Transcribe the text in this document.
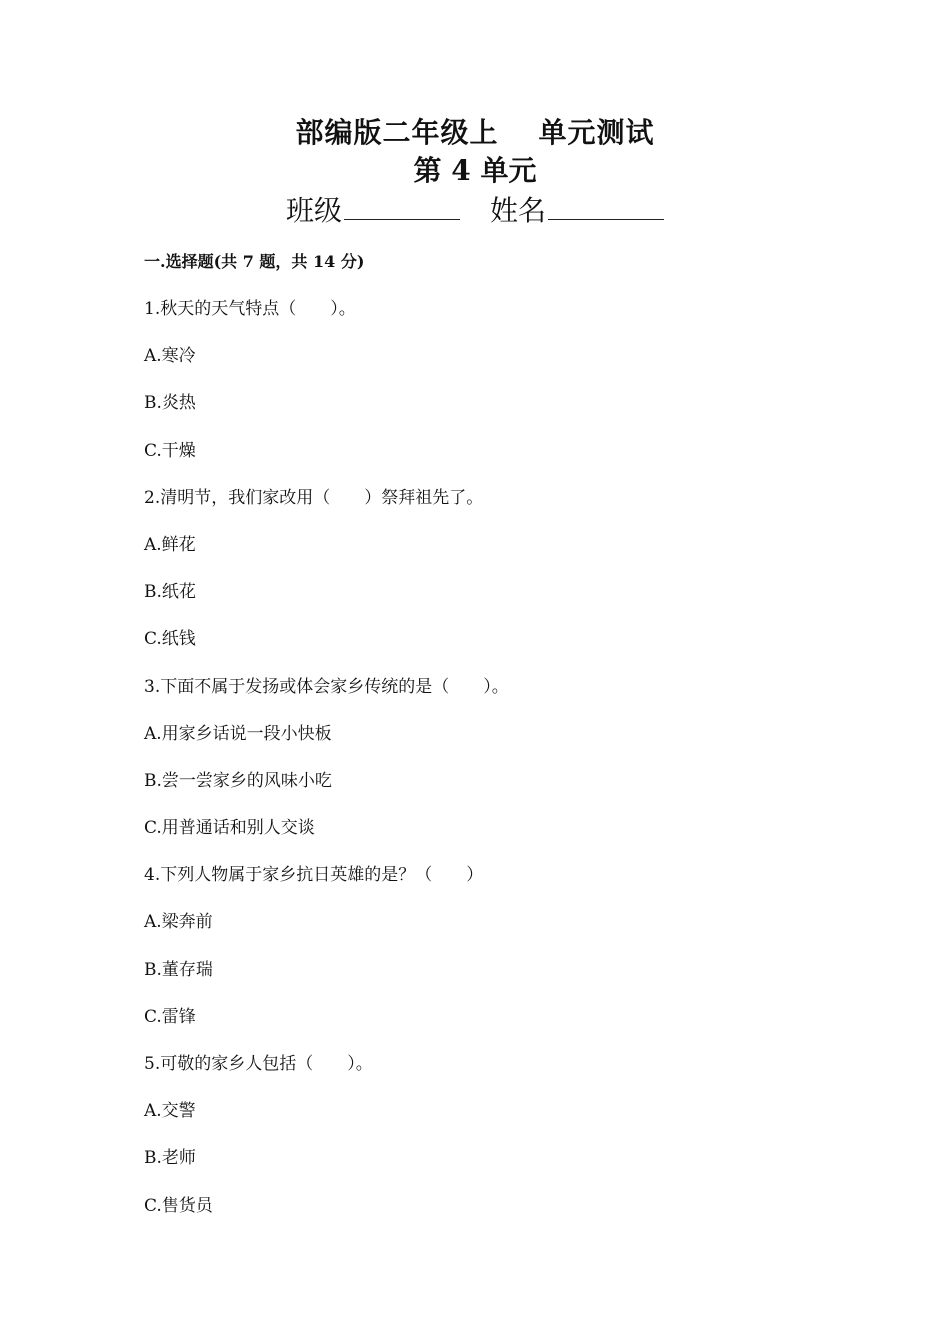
部编版二年级上 单元测试
第 4 单元
班级	姓名
一.选择题(共 7 题，共 14 分)
1.秋天的天气特点（　　）。
A.寒冷
B.炎热
C.干燥
2.清明节，我们家改用（　　）祭拜祖先了。
A.鲜花
B.纸花
C.纸钱
3.下面不属于发扬或体会家乡传统的是（　　）。
A.用家乡话说一段小快板
B.尝一尝家乡的风味小吃
C.用普通话和别人交谈
4.下列人物属于家乡抗日英雄的是？（　　）
A.梁奔前
B.董存瑞
C.雷锋
5.可敬的家乡人包括（　　）。
A.交警
B.老师
C.售货员
